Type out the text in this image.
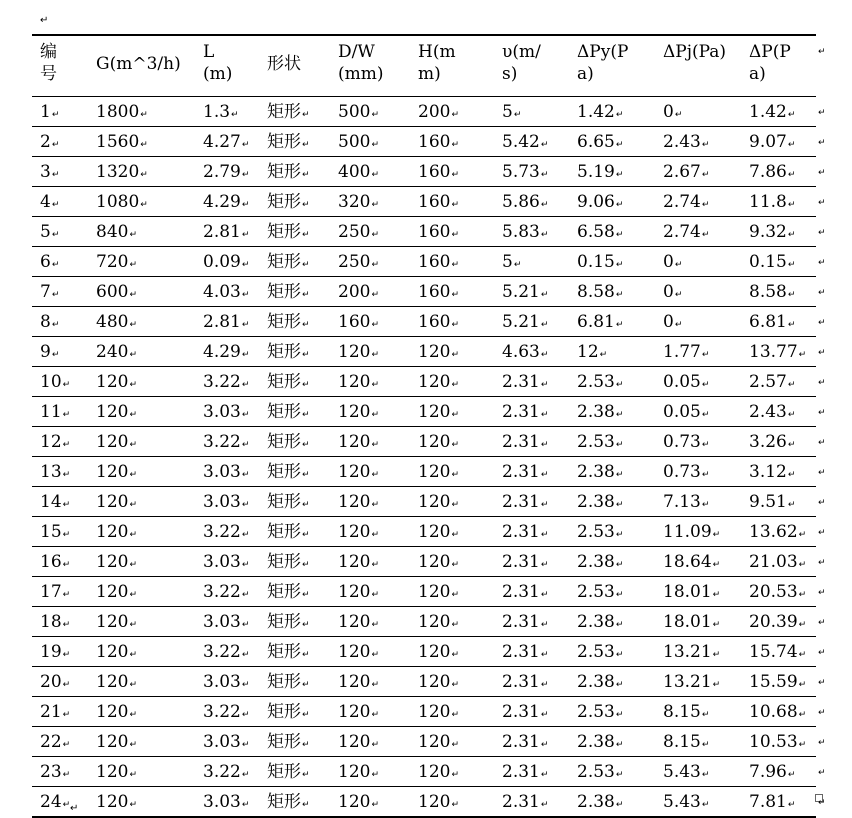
↵
编号	G(m^3/h)	L(m)	形状	D/W(mm)	H(mm)	υ(m/s)	ΔPy(Pa)	ΔPj(Pa)	ΔP(Pa)
1↵	1800↵	1.3↵	矩形↵	500↵	200↵	5↵	1.42↵	0↵	1.42↵
2↵	1560↵	4.27↵	矩形↵	500↵	160↵	5.42↵	6.65↵	2.43↵	9.07↵
3↵	1320↵	2.79↵	矩形↵	400↵	160↵	5.73↵	5.19↵	2.67↵	7.86↵
4↵	1080↵	4.29↵	矩形↵	320↵	160↵	5.86↵	9.06↵	2.74↵	11.8↵
5↵	840↵	2.81↵	矩形↵	250↵	160↵	5.83↵	6.58↵	2.74↵	9.32↵
6↵	720↵	0.09↵	矩形↵	250↵	160↵	5↵	0.15↵	0↵	0.15↵
7↵	600↵	4.03↵	矩形↵	200↵	160↵	5.21↵	8.58↵	0↵	8.58↵
8↵	480↵	2.81↵	矩形↵	160↵	160↵	5.21↵	6.81↵	0↵	6.81↵
9↵	240↵	4.29↵	矩形↵	120↵	120↵	4.63↵	12↵	1.77↵	13.77↵
10↵	120↵	3.22↵	矩形↵	120↵	120↵	2.31↵	2.53↵	0.05↵	2.57↵
11↵	120↵	3.03↵	矩形↵	120↵	120↵	2.31↵	2.38↵	0.05↵	2.43↵
12↵	120↵	3.22↵	矩形↵	120↵	120↵	2.31↵	2.53↵	0.73↵	3.26↵
13↵	120↵	3.03↵	矩形↵	120↵	120↵	2.31↵	2.38↵	0.73↵	3.12↵
14↵	120↵	3.03↵	矩形↵	120↵	120↵	2.31↵	2.38↵	7.13↵	9.51↵
15↵	120↵	3.22↵	矩形↵	120↵	120↵	2.31↵	2.53↵	11.09↵	13.62↵
16↵	120↵	3.03↵	矩形↵	120↵	120↵	2.31↵	2.38↵	18.64↵	21.03↵
17↵	120↵	3.22↵	矩形↵	120↵	120↵	2.31↵	2.53↵	18.01↵	20.53↵
18↵	120↵	3.03↵	矩形↵	120↵	120↵	2.31↵	2.38↵	18.01↵	20.39↵
19↵	120↵	3.22↵	矩形↵	120↵	120↵	2.31↵	2.53↵	13.21↵	15.74↵
20↵	120↵	3.03↵	矩形↵	120↵	120↵	2.31↵	2.38↵	13.21↵	15.59↵
21↵	120↵	3.22↵	矩形↵	120↵	120↵	2.31↵	2.53↵	8.15↵	10.68↵
22↵	120↵	3.03↵	矩形↵	120↵	120↵	2.31↵	2.38↵	8.15↵	10.53↵
23↵	120↵	3.22↵	矩形↵	120↵	120↵	2.31↵	2.53↵	5.43↵	7.96↵
24↵	120↵	3.03↵	矩形↵	120↵	120↵	2.31↵	2.38↵	5.43↵	7.81↵
↵
↵
↵
↵
↵
↵
↵
↵
↵
↵
↵
↵
↵
↵
↵
↵
↵
↵
↵
↵
↵
↵
↵
↵
↵
↵
